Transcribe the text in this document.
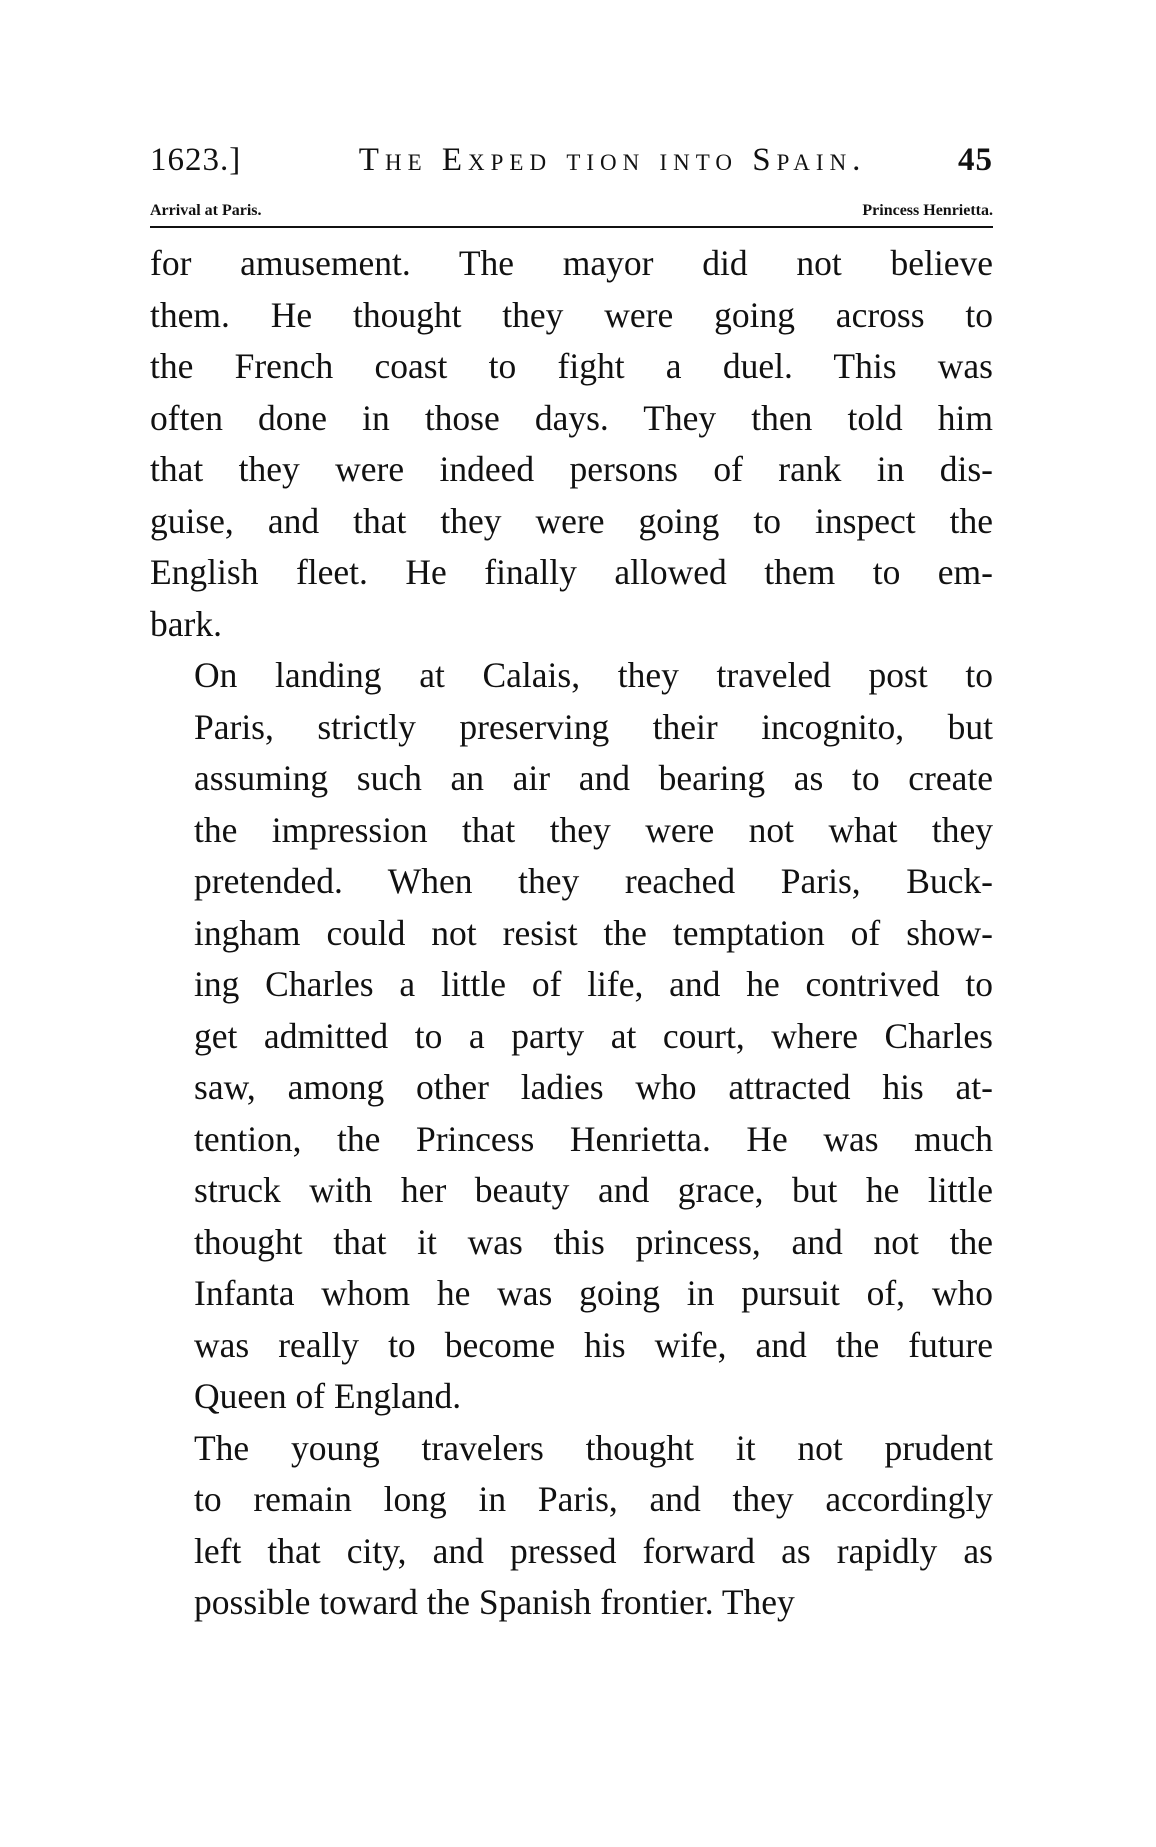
1623.]	The Exped tion into Spain.	45
Arrival at Paris.	Princess Henrietta.
for amusement. The mayor did not believe
them. He thought they were going across to
the French coast to fight a duel. This was
often done in those days. They then told him
that they were indeed persons of rank in dis-
guise, and that they were going to inspect the
English fleet. He finally allowed them to em-
bark.
On landing at Calais, they traveled post to
Paris, strictly preserving their incognito, but
assuming such an air and bearing as to create
the impression that they were not what they
pretended. When they reached Paris, Buck-
ingham could not resist the temptation of show-
ing Charles a little of life, and he contrived to
get admitted to a party at court, where Charles
saw, among other ladies who attracted his at-
tention, the Princess Henrietta. He was much
struck with her beauty and grace, but he little
thought that it was this princess, and not the
Infanta whom he was going in pursuit of, who
was really to become his wife, and the future
Queen of England.
The young travelers thought it not prudent
to remain long in Paris, and they accordingly
left that city, and pressed forward as rapidly as
possible toward the Spanish frontier. They
